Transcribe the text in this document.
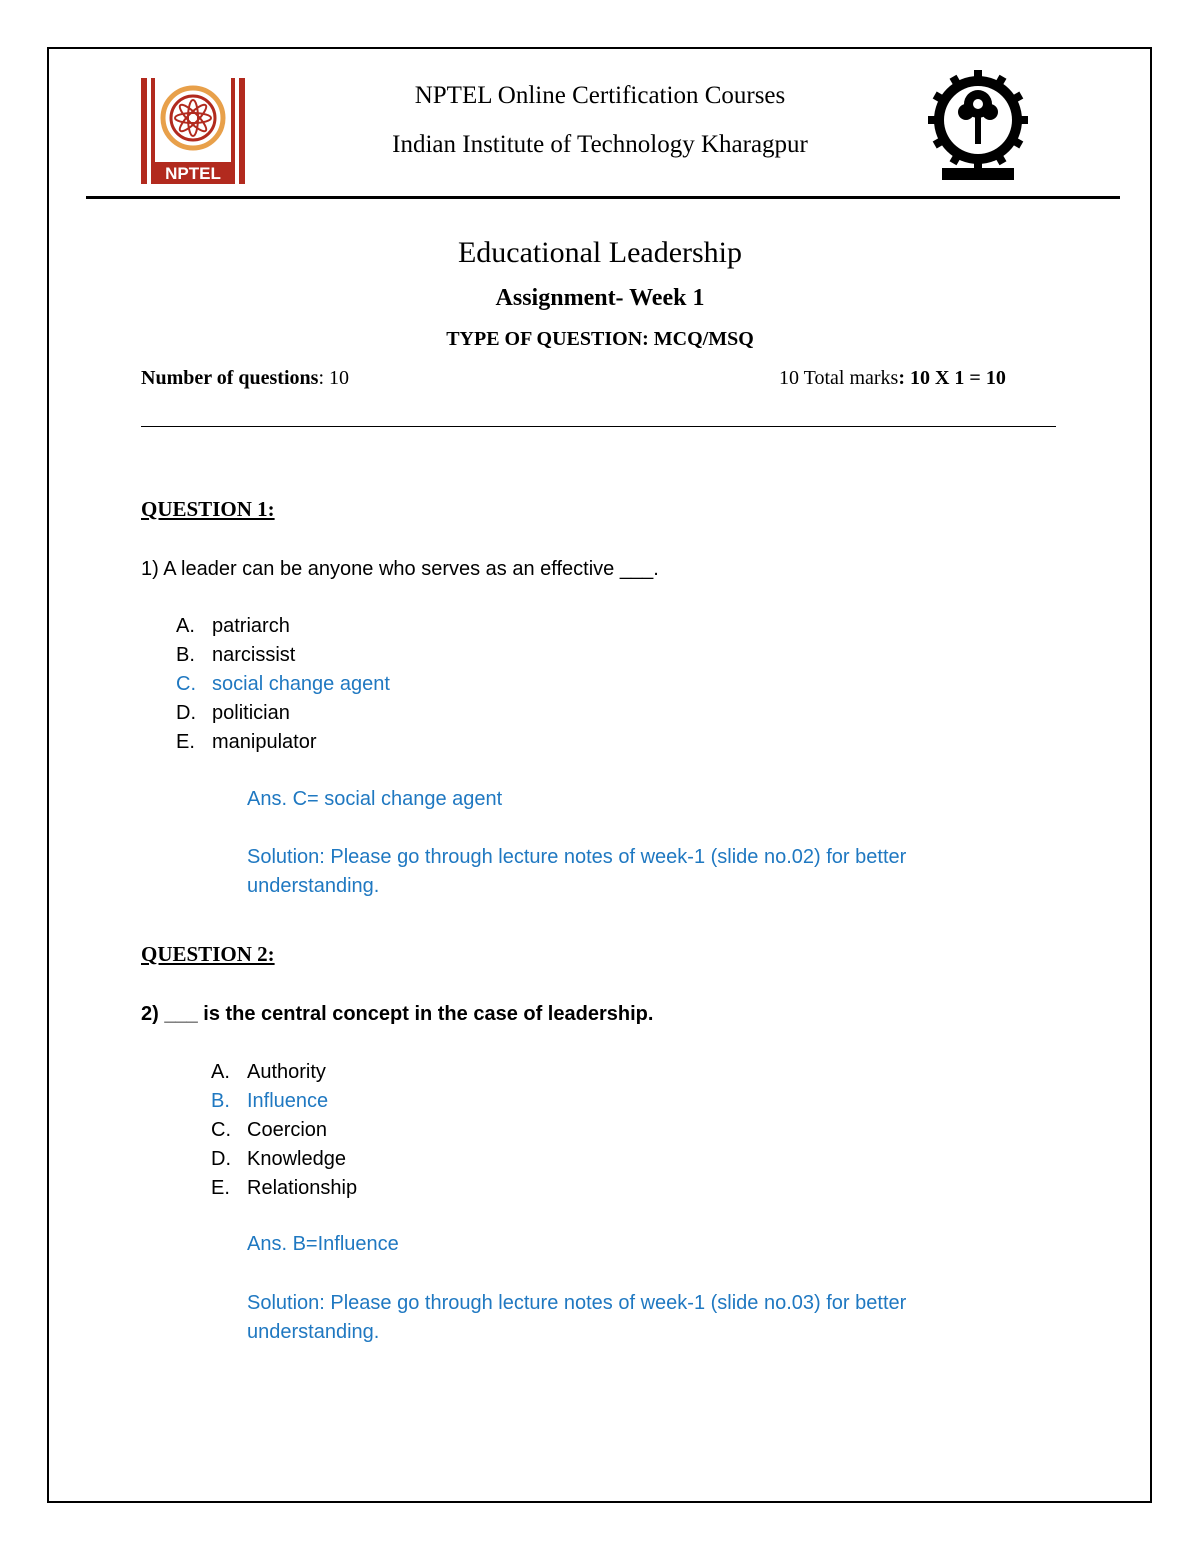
NPTEL
NPTEL Online Certification Courses
Indian Institute of Technology Kharagpur
Educational Leadership
Assignment- Week 1
TYPE OF QUESTION: MCQ/MSQ
Number of questions: 10	10 Total marks: 10 X 1 = 10
QUESTION 1:
1) A leader can be anyone who serves as an effective ___.
A. patriarch
B. narcissist
C. social change agent
D. politician
E. manipulator
Ans. C= social change agent
Solution: Please go through lecture notes of week-1 (slide no.02) for better understanding.
QUESTION 2:
2) ___ is the central concept in the case of leadership.
A. Authority
B. Influence
C. Coercion
D. Knowledge
E. Relationship
Ans. B=Influence
Solution: Please go through lecture notes of week-1 (slide no.03) for better understanding.
